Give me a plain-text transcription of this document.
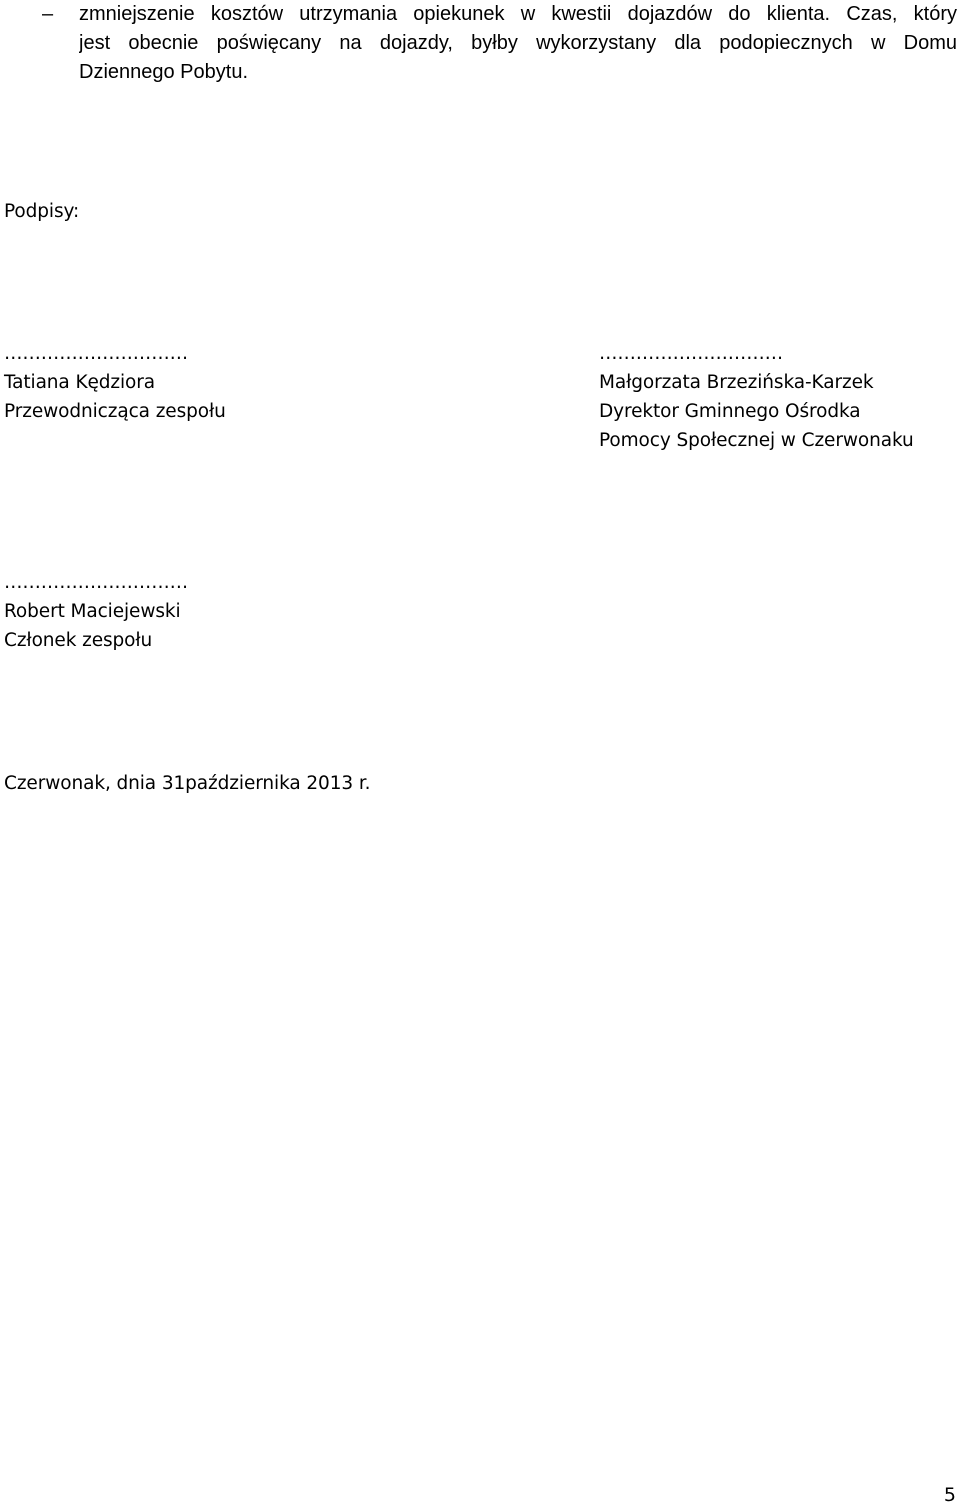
– zmniejszenie kosztów utrzymania opiekunek w kwestii dojazdów do klienta. Czas, który
jest obecnie poświęcany na dojazdy, byłby wykorzystany dla podopiecznych w Domu
Dziennego Pobytu.
Podpisy:
…………………………
Tatiana Kędziora
Przewodnicząca zespołu
…………………………
Małgorzata Brzezińska-Karzek
Dyrektor Gminnego Ośrodka
Pomocy Społecznej w Czerwonaku
…………………………
Robert Maciejewski
Członek zespołu
Czerwonak, dnia 31października 2013 r.
5
